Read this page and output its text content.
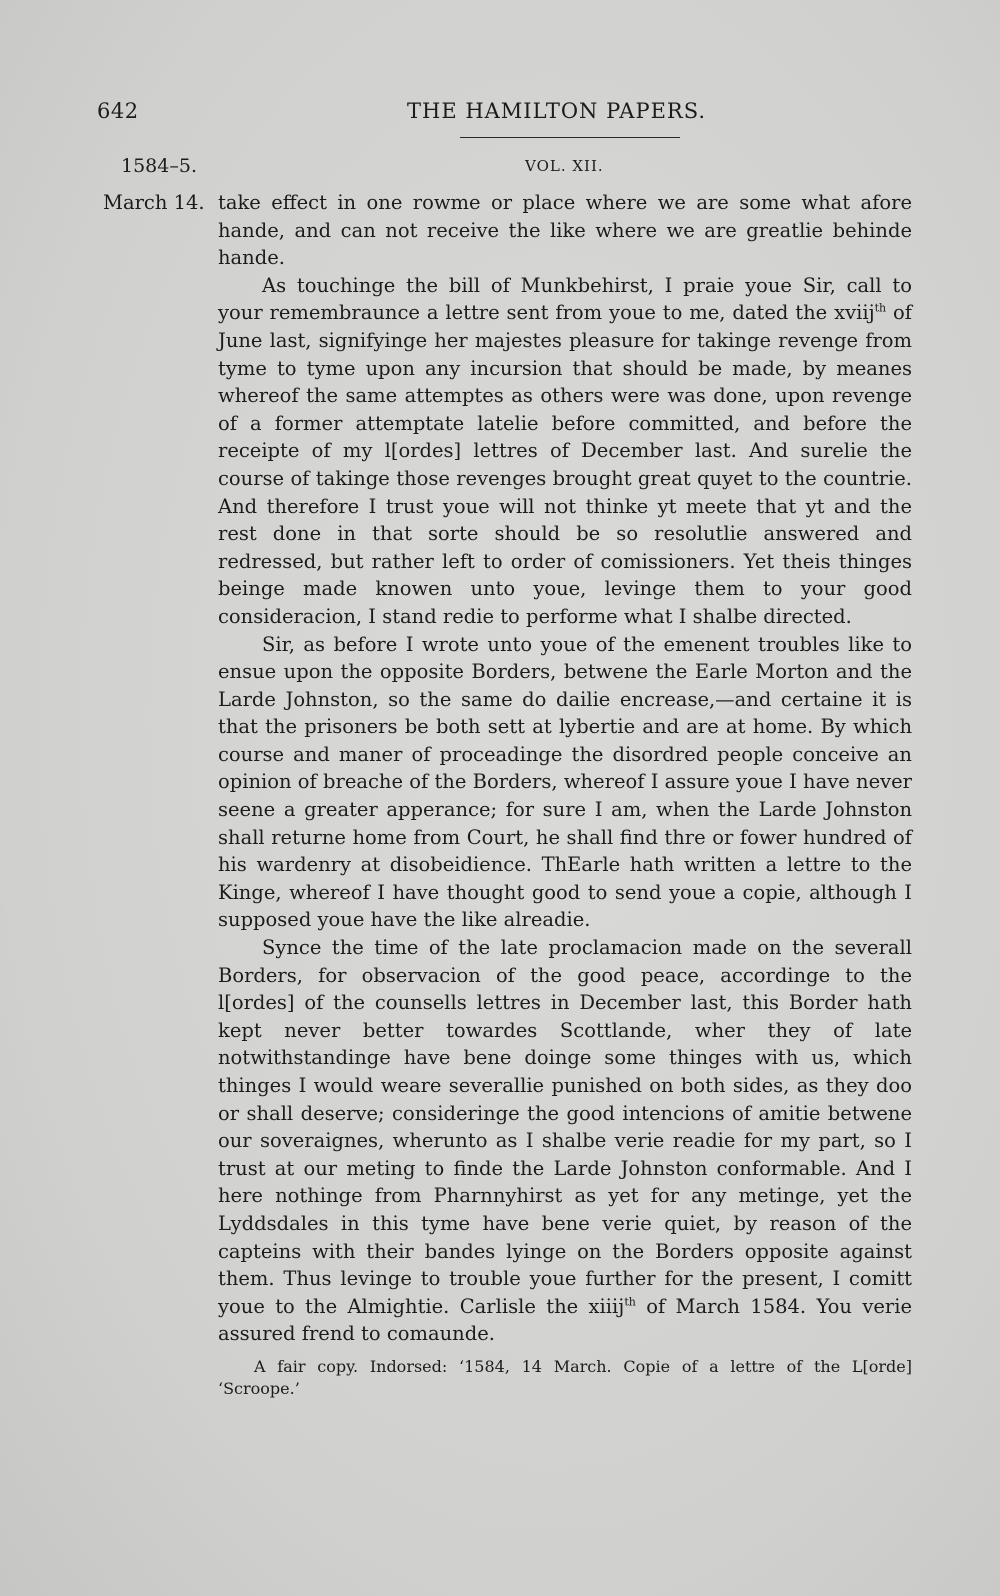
642	THE HAMILTON PAPERS.
1584–5.	VOL. XII.
March 14. take effect in one rowme or place where we are some what afore hande, and can not receive the like where we are greatlie behinde hande.

As touchinge the bill of Munkbehirst, I praie youe Sir, call to your remembraunce a lettre sent from youe to me, dated the xviij$^{th}$ of June last, signifyinge her majestes pleasure for takinge revenge from tyme to tyme upon any incursion that should be made, by meanes whereof the same attemptes as others were was done, upon revenge of a former attemptate latelie before committed, and before the receipte of my l[ordes] lettres of December last. And surelie the course of takinge those revenges brought great quyet to the countrie. And therefore I trust youe will not thinke yt meete that yt and the rest done in that sorte should be so resolutlie answered and redressed, but rather left to order of comissioners. Yet theis thinges beinge made knowen unto youe, levinge them to your good consideracion, I stand redie to performe what I shalbe directed.

Sir, as before I wrote unto youe of the emenent troubles like to ensue upon the opposite Borders, betwene the Earle Morton and the Larde Johnston, so the same do dailie encrease,—and certaine it is that the prisoners be both sett at lybertie and are at home. By which course and maner of proceadinge the disordred people conceive an opinion of breache of the Borders, whereof I assure youe I have never seene a greater apperance; for sure I am, when the Larde Johnston shall returne home from Court, he shall find thre or fower hundred of his wardenry at disobeidience. ThEarle hath written a lettre to the Kinge, whereof I have thought good to send youe a copie, although I supposed youe have the like alreadie.

Synce the time of the late proclamacion made on the severall Borders, for observacion of the good peace, accordinge to the l[ordes] of the counsells lettres in December last, this Border hath kept never better towardes Scottlande, wher they of late notwithstandinge have bene doinge some thinges with us, which thinges I would weare severallie punished on both sides, as they doo or shall deserve; consideringe the good intencions of amitie betwene our soveraignes, wherunto as I shalbe verie readie for my part, so I trust at our meting to finde the Larde Johnston conformable. And I here nothinge from Pharnnyhirst as yet for any metinge, yet the Lyddsdales in this tyme have bene verie quiet, by reason of the capteins with their bandes lyinge on the Borders opposite against them. Thus levinge to trouble youe further for the present, I comitt youe to the Almightie. Carlisle the xiiij$^{th}$ of March 1584. You verie assured frend to comaunde.

A fair copy. Indorsed: ‘1584, 14 March. Copie of a lettre of the L[orde] ‘Scroope.’
